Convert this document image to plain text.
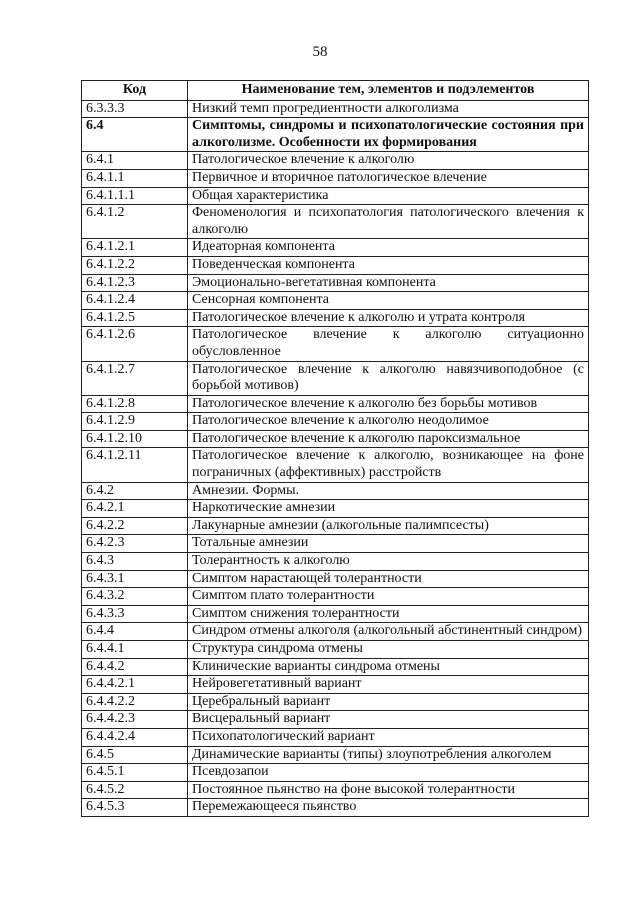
58
Код	Наименование тем, элементов и подэлементов
6.3.3.3	Низкий темп прогредиентности алкоголизма
6.4	Симптомы, синдромы и психопатологические состояния при алкоголизме. Особенности их формирования
6.4.1	Патологическое влечение к алкоголю
6.4.1.1	Первичное и вторичное патологическое влечение
6.4.1.1.1	Общая характеристика
6.4.1.2	Феноменология и психопатология патологического влечения к алкоголю
6.4.1.2.1	Идеаторная компонента
6.4.1.2.2	Поведенческая компонента
6.4.1.2.3	Эмоционально-вегетативная компонента
6.4.1.2.4	Сенсорная компонента
6.4.1.2.5	Патологическое влечение к алкоголю и утрата контроля
6.4.1.2.6	Патологическое влечение к алкоголю ситуационно обусловленное
6.4.1.2.7	Патологическое влечение к алкоголю навязчивоподобное (с борьбой мотивов)
6.4.1.2.8	Патологическое влечение к алкоголю без борьбы мотивов
6.4.1.2.9	Патологическое влечение к алкоголю неодолимое
6.4.1.2.10	Патологическое влечение к алкоголю пароксизмальное
6.4.1.2.11	Патологическое влечение к алкоголю, возникающее на фоне пограничных (аффективных) расстройств
6.4.2	Амнезии. Формы.
6.4.2.1	Наркотические амнезии
6.4.2.2	Лакунарные амнезии (алкогольные палимпсесты)
6.4.2.3	Тотальные амнезии
6.4.3	Толерантность к алкоголю
6.4.3.1	Симптом нарастающей толерантности
6.4.3.2	Симптом плато толерантности
6.4.3.3	Симптом снижения толерантности
6.4.4	Синдром отмены алкоголя (алкогольный абстинентный синдром)
6.4.4.1	Структура синдрома отмены
6.4.4.2	Клинические варианты синдрома отмены
6.4.4.2.1	Нейровегетативный вариант
6.4.4.2.2	Церебральный вариант
6.4.4.2.3	Висцеральный вариант
6.4.4.2.4	Психопатологический вариант
6.4.5	Динамические варианты (типы) злоупотребления алкоголем
6.4.5.1	Псевдозапои
6.4.5.2	Постоянное пьянство на фоне высокой толерантности
6.4.5.3	Перемежающееся пьянство
